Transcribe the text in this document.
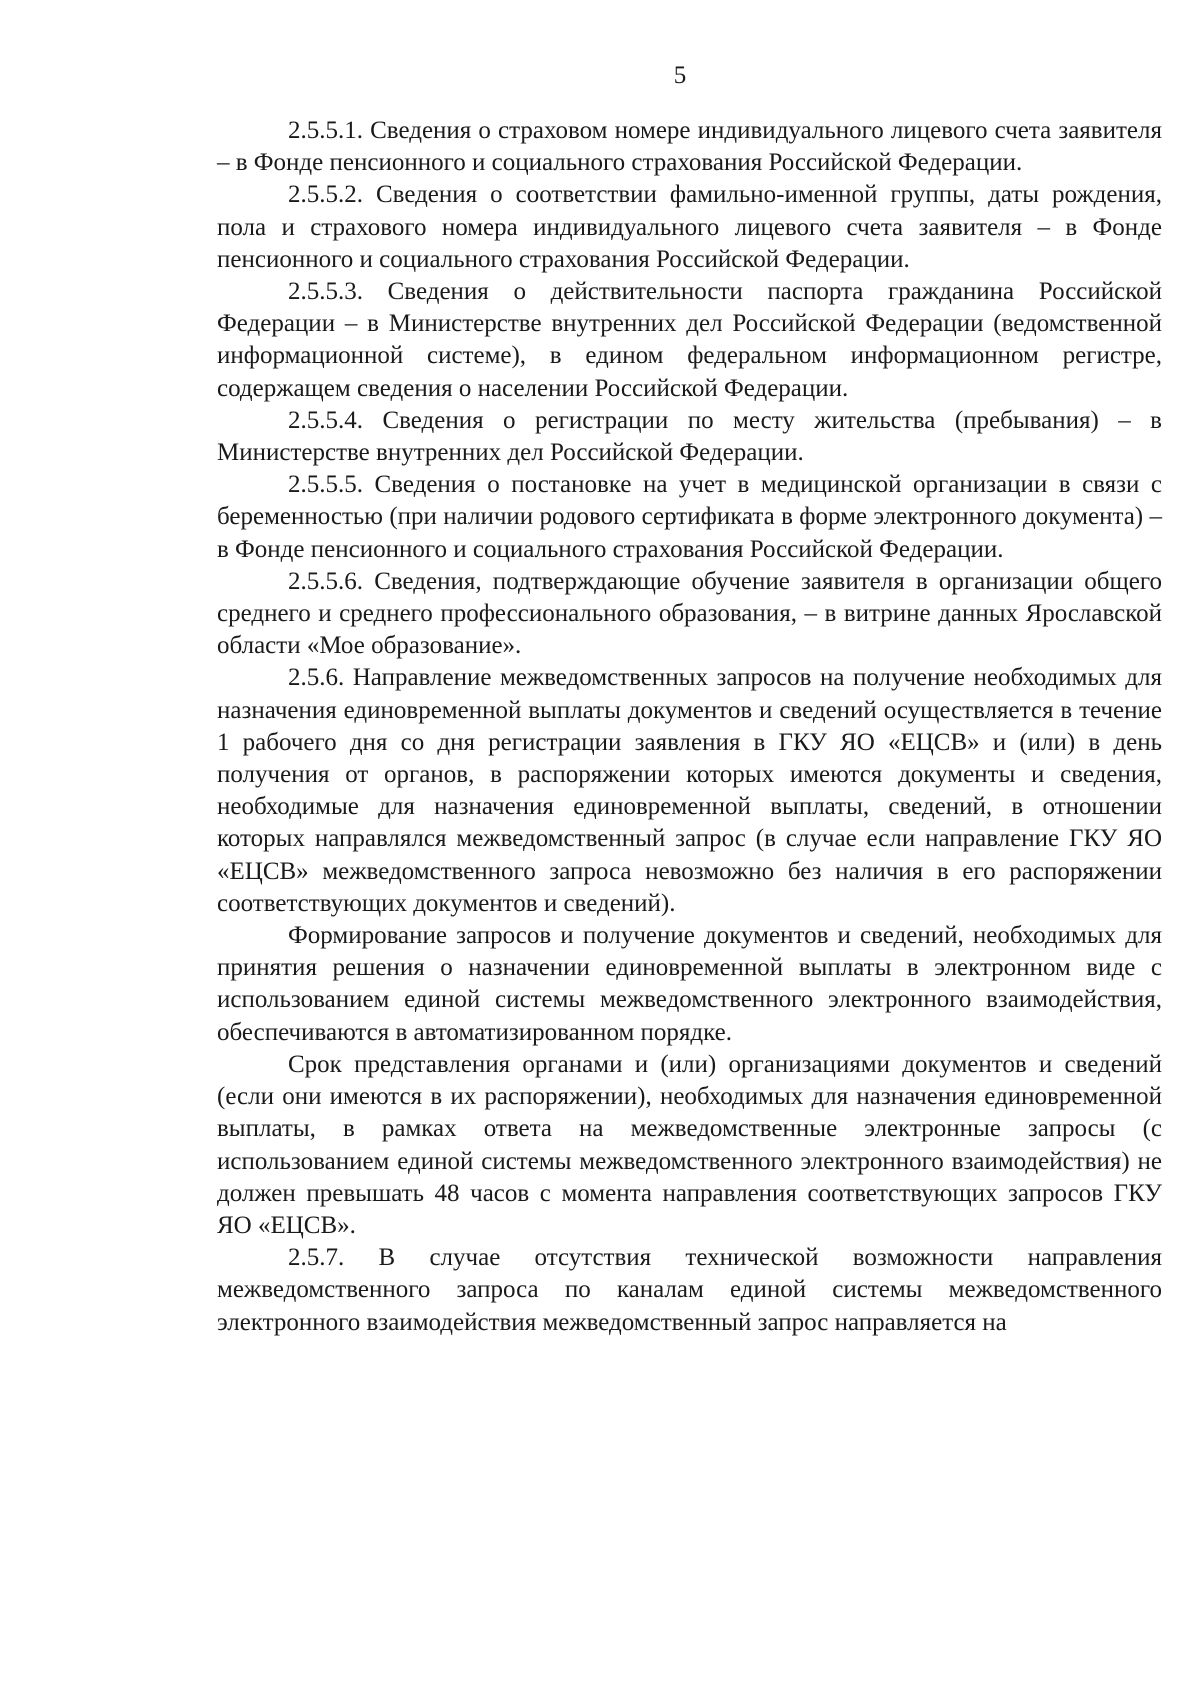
5

2.5.5.1. Сведения о страховом номере индивидуального лицевого счета заявителя – в Фонде пенсионного и социального страхования Российской Федерации.

2.5.5.2. Сведения о соответствии фамильно-именной группы, даты рождения, пола и страхового номера индивидуального лицевого счета заявителя – в Фонде пенсионного и социального страхования Российской Федерации.

2.5.5.3. Сведения о действительности паспорта гражданина Российской Федерации – в Министерстве внутренних дел Российской Федерации (ведомственной информационной системе), в едином федеральном информационном регистре, содержащем сведения о населении Российской Федерации.

2.5.5.4. Сведения о регистрации по месту жительства (пребывания) – в Министерстве внутренних дел Российской Федерации.

2.5.5.5. Сведения о постановке на учет в медицинской организации в связи с беременностью (при наличии родового сертификата в форме электронного документа) – в Фонде пенсионного и социального страхования Российской Федерации.

2.5.5.6. Сведения, подтверждающие обучение заявителя в организации общего среднего и среднего профессионального образования, – в витрине данных Ярославской области «Мое образование».

2.5.6. Направление межведомственных запросов на получение необходимых для назначения единовременной выплаты документов и сведений осуществляется в течение 1 рабочего дня со дня регистрации заявления в ГКУ ЯО «ЕЦСВ» и (или) в день получения от органов, в распоряжении которых имеются документы и сведения, необходимые для назначения единовременной выплаты, сведений, в отношении которых направлялся межведомственный запрос (в случае если направление ГКУ ЯО «ЕЦСВ» межведомственного запроса невозможно без наличия в его распоряжении соответствующих документов и сведений).

Формирование запросов и получение документов и сведений, необходимых для принятия решения о назначении единовременной выплаты в электронном виде с использованием единой системы межведомственного электронного взаимодействия, обеспечиваются в автоматизированном порядке.

Срок представления органами и (или) организациями документов и сведений (если они имеются в их распоряжении), необходимых для назначения единовременной выплаты, в рамках ответа на межведомственные электронные запросы (с использованием единой системы межведомственного электронного взаимодействия) не должен превышать 48 часов с момента направления соответствующих запросов ГКУ ЯО «ЕЦСВ».

2.5.7. В случае отсутствия технической возможности направления межведомственного запроса по каналам единой системы межведомственного электронного взаимодействия межведомственный запрос направляется на
